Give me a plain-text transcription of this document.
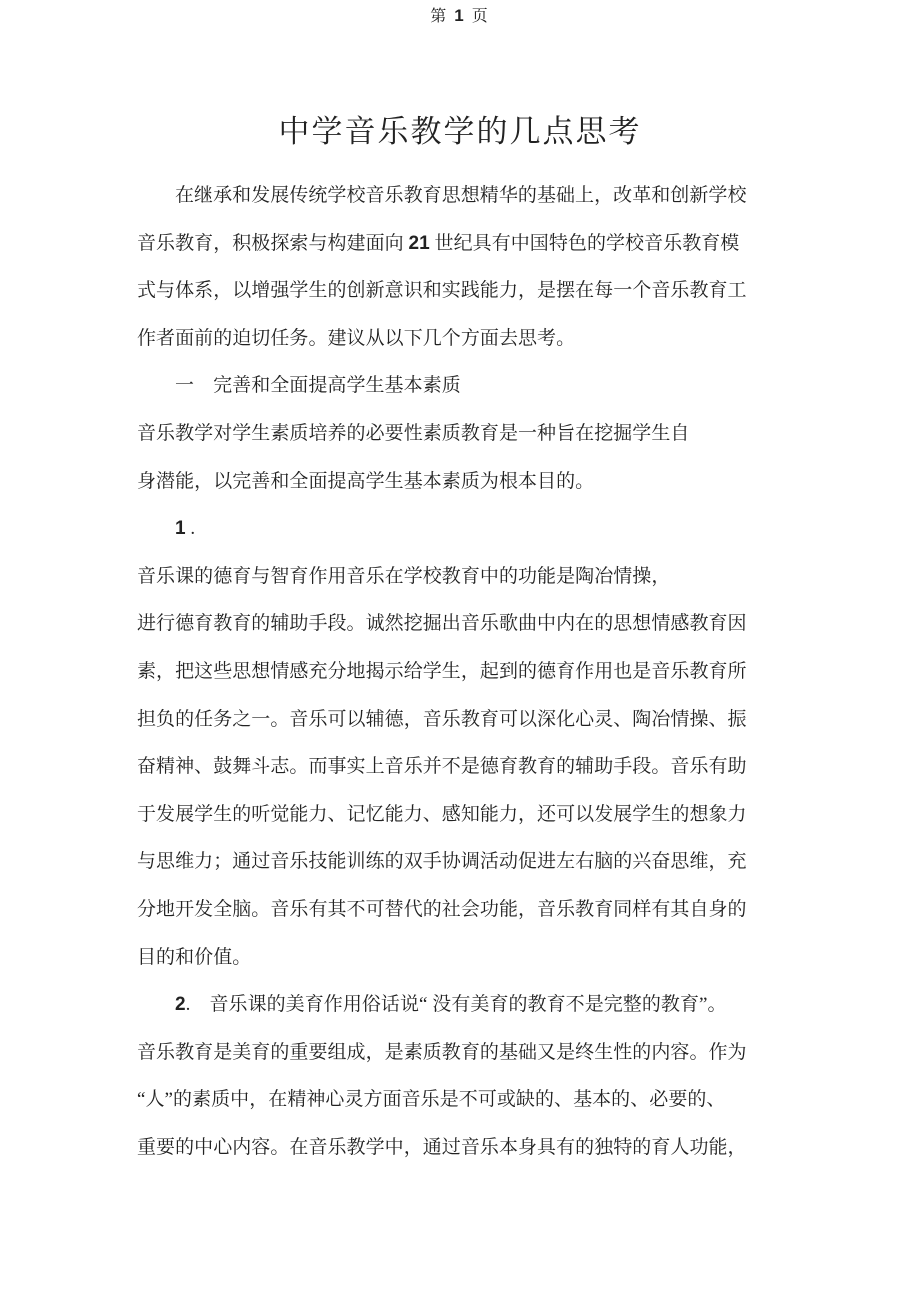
第 1 页
中学音乐教学的几点思考
在继承和发展传统学校音乐教育思想精华的基础上，改革和创新学校
音乐教育，积极探索与构建面向 21 世纪具有中国特色的学校音乐教育模
式与体系，以增强学生的创新意识和实践能力，是摆在每一个音乐教育工
作者面前的迫切任务。建议从以下几个方面去思考。
一　完善和全面提高学生基本素质
音乐教学对学生素质培养的必要性素质教育是一种旨在挖掘学生自
身潜能，以完善和全面提高学生基本素质为根本目的。
1 .
音乐课的德育与智育作用音乐在学校教育中的功能是陶冶情操，
进行德育教育的辅助手段。诚然挖掘出音乐歌曲中内在的思想情感教育因
素，把这些思想情感充分地揭示给学生，起到的德育作用也是音乐教育所
担负的任务之一。音乐可以辅德，音乐教育可以深化心灵、陶冶情操、振
奋精神、鼓舞斗志。而事实上音乐并不是德育教育的辅助手段。音乐有助
于发展学生的听觉能力、记忆能力、感知能力，还可以发展学生的想象力
与思维力；通过音乐技能训练的双手协调活动促进左右脑的兴奋思维，充
分地开发全脑。音乐有其不可替代的社会功能，音乐教育同样有其自身的
目的和价值。
2.　音乐课的美育作用俗话说“ 没有美育的教育不是完整的教育”。
音乐教育是美育的重要组成，是素质教育的基础又是终生性的内容。作为
“人”的素质中，在精神心灵方面音乐是不可或缺的、基本的、必要的、
重要的中心内容。在音乐教学中，通过音乐本身具有的独特的育人功能，
